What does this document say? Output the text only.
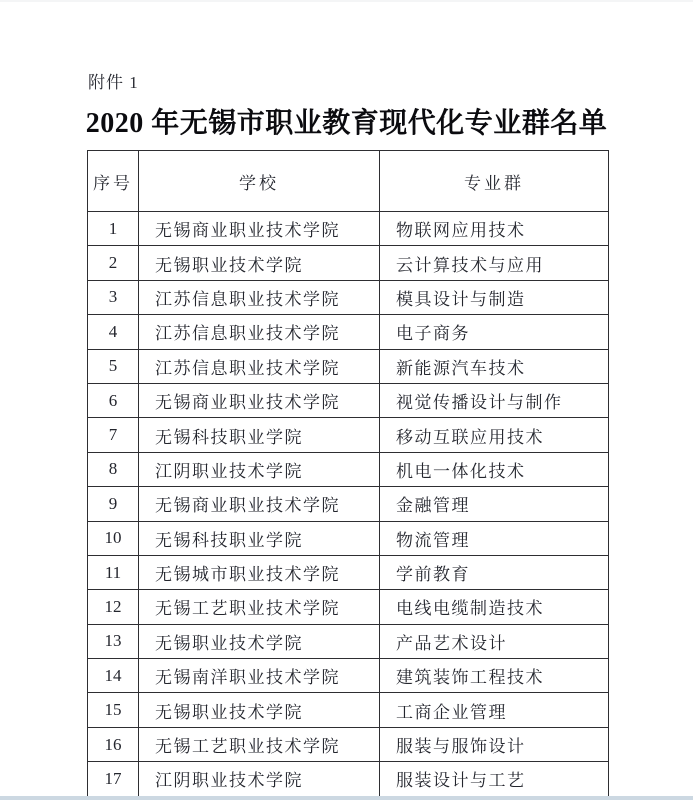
附件 1
2020 年无锡市职业教育现代化专业群名单
序号	学校	专业群
1	无锡商业职业技术学院	物联网应用技术
2	无锡职业技术学院	云计算技术与应用
3	江苏信息职业技术学院	模具设计与制造
4	江苏信息职业技术学院	电子商务
5	江苏信息职业技术学院	新能源汽车技术
6	无锡商业职业技术学院	视觉传播设计与制作
7	无锡科技职业学院	移动互联应用技术
8	江阴职业技术学院	机电一体化技术
9	无锡商业职业技术学院	金融管理
10	无锡科技职业学院	物流管理
11	无锡城市职业技术学院	学前教育
12	无锡工艺职业技术学院	电线电缆制造技术
13	无锡职业技术学院	产品艺术设计
14	无锡南洋职业技术学院	建筑装饰工程技术
15	无锡职业技术学院	工商企业管理
16	无锡工艺职业技术学院	服装与服饰设计
17	江阴职业技术学院	服装设计与工艺
